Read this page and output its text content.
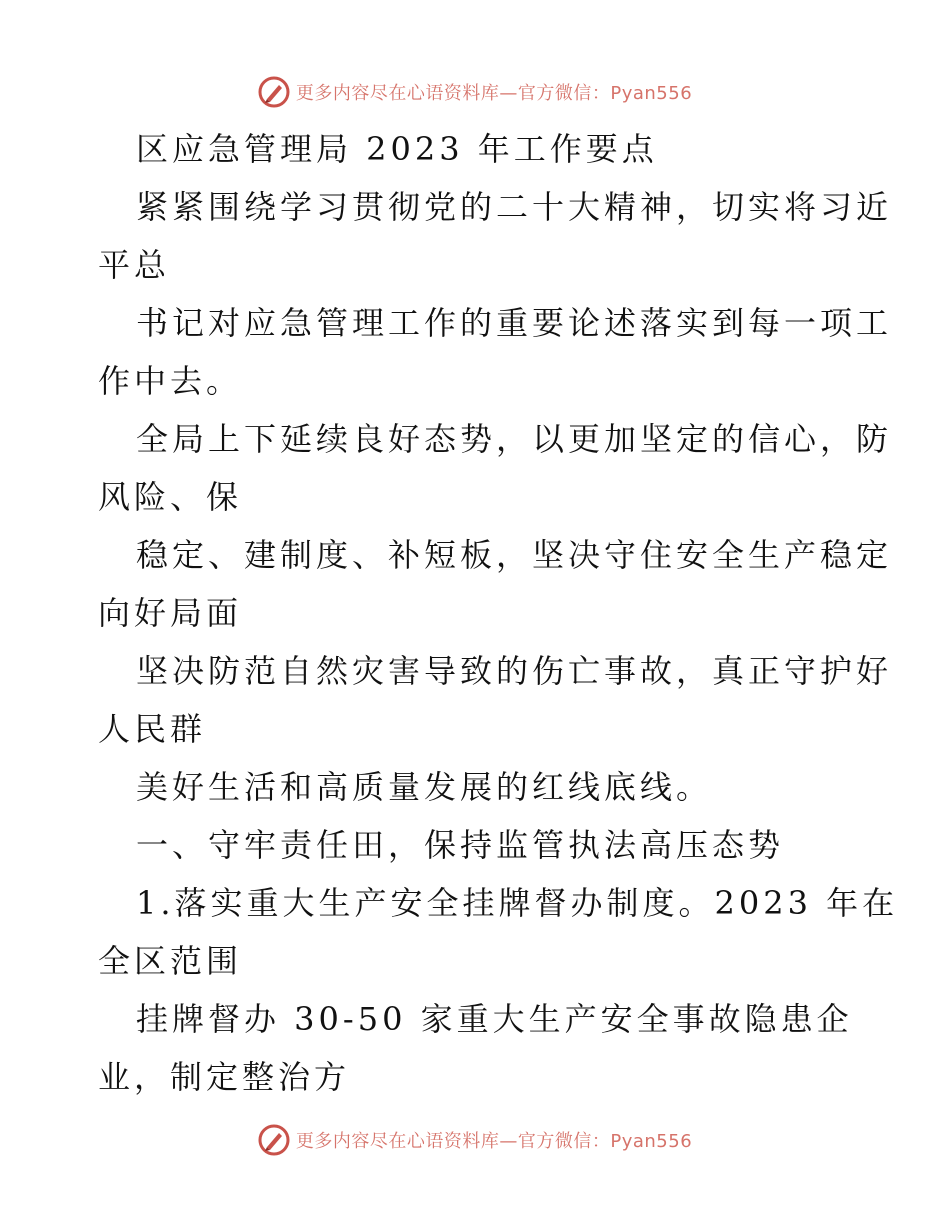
更多内容尽在心语资料库—官方微信：Pyan556
区应急管理局 2023 年工作要点
紧紧围绕学习贯彻党的二十大精神，切实将习近
平总
书记对应急管理工作的重要论述落实到每一项工
作中去。
全局上下延续良好态势，以更加坚定的信心，防
风险、保
稳定、建制度、补短板，坚决守住安全生产稳定
向好局面
坚决防范自然灾害导致的伤亡事故，真正守护好
人民群
美好生活和高质量发展的红线底线。
一、守牢责任田，保持监管执法高压态势
1.落实重大生产安全挂牌督办制度。2023 年在
全区范围
挂牌督办 30-50 家重大生产安全事故隐患企
业，制定整治方
更多内容尽在心语资料库—官方微信：Pyan556
